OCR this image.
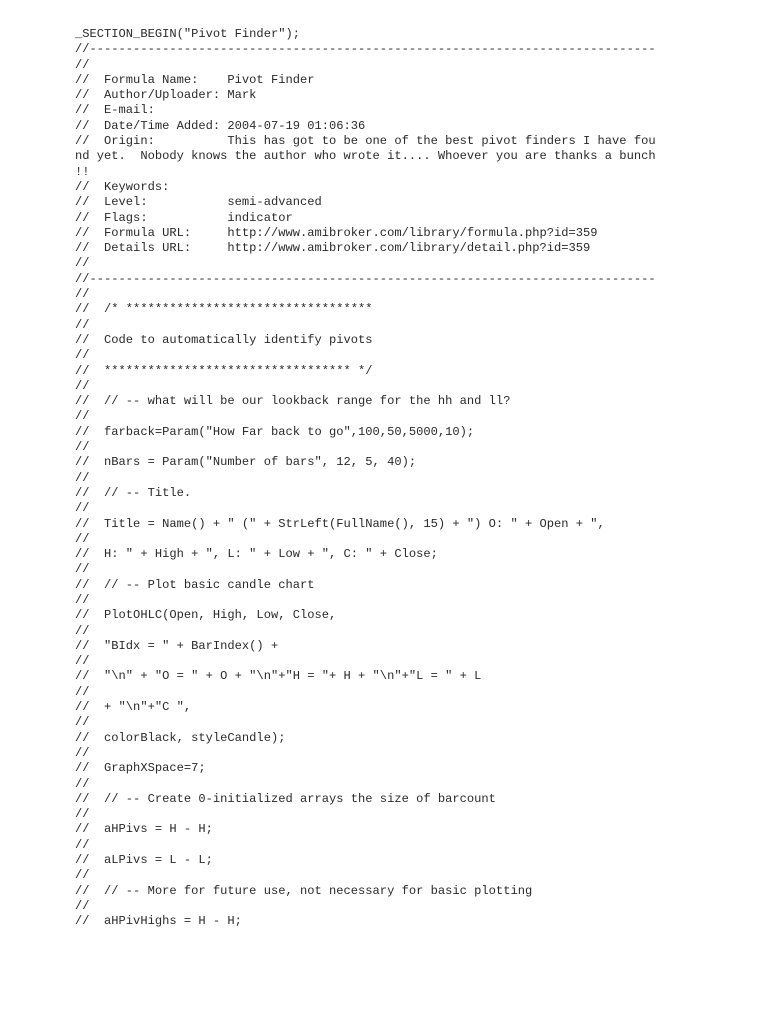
_SECTION_BEGIN("Pivot Finder");
//------------------------------------------------------------------------------
//
//  Formula Name:    Pivot Finder
//  Author/Uploader: Mark
//  E-mail:
//  Date/Time Added: 2004-07-19 01:06:36
//  Origin:          This has got to be one of the best pivot finders I have fou
nd yet.  Nobody knows the author who wrote it.... Whoever you are thanks a bunch
!!
//  Keywords:
//  Level:           semi-advanced
//  Flags:           indicator
//  Formula URL:     http://www.amibroker.com/library/formula.php?id=359
//  Details URL:     http://www.amibroker.com/library/detail.php?id=359
//
//------------------------------------------------------------------------------
//
//  /* **********************************
//
//  Code to automatically identify pivots
//
//  ********************************** */
//
//  // -- what will be our lookback range for the hh and ll?
//
//  farback=Param("How Far back to go",100,50,5000,10);
//
//  nBars = Param("Number of bars", 12, 5, 40);
//
//  // -- Title.
//
//  Title = Name() + " (" + StrLeft(FullName(), 15) + ") O: " + Open + ",
//
//  H: " + High + ", L: " + Low + ", C: " + Close;
//
//  // -- Plot basic candle chart
//
//  PlotOHLC(Open, High, Low, Close,
//
//  "BIdx = " + BarIndex() +
//
//  "\n" + "O = " + O + "\n"+"H = "+ H + "\n"+"L = " + L
//
//  + "\n"+"C ",
//
//  colorBlack, styleCandle);
//
//  GraphXSpace=7;
//
//  // -- Create 0-initialized arrays the size of barcount
//
//  aHPivs = H - H;
//
//  aLPivs = L - L;
//
//  // -- More for future use, not necessary for basic plotting
//
//  aHPivHighs = H - H;
